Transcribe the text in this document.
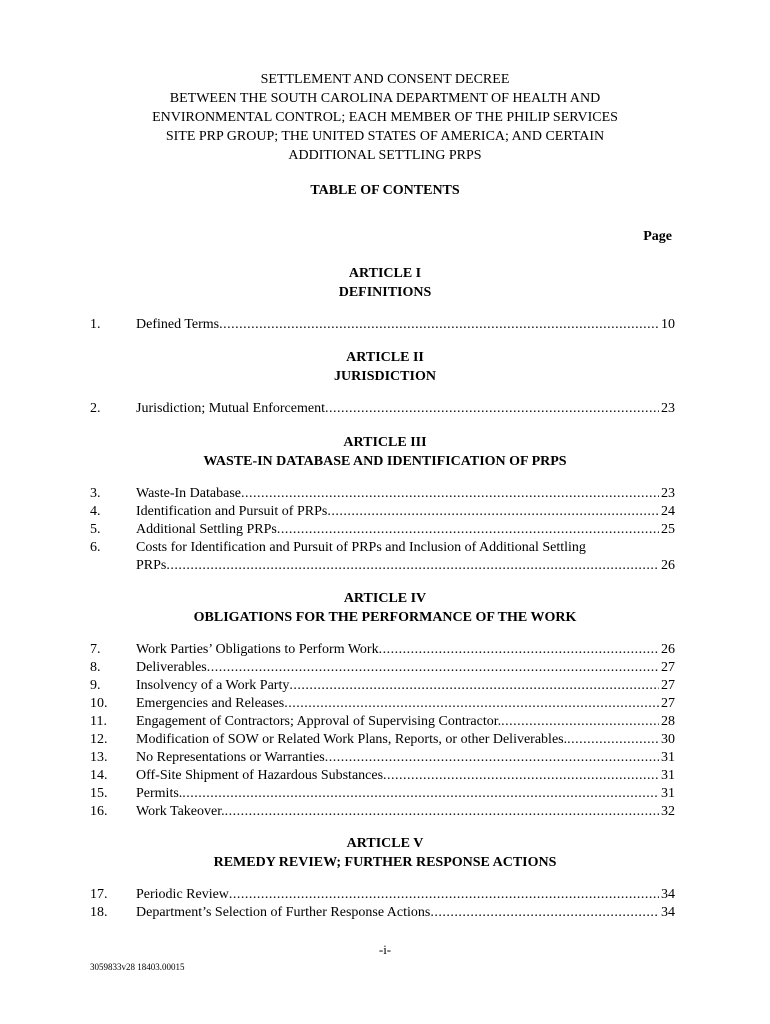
SETTLEMENT AND CONSENT DECREE
BETWEEN THE SOUTH CAROLINA DEPARTMENT OF HEALTH AND
ENVIRONMENTAL CONTROL; EACH MEMBER OF THE PHILIP SERVICES
SITE PRP GROUP; THE UNITED STATES OF AMERICA; AND CERTAIN
ADDITIONAL SETTLING PRPS
TABLE OF CONTENTS
Page
ARTICLE I
DEFINITIONS
1.	Defined Terms .....	10
ARTICLE II
JURISDICTION
2.	Jurisdiction; Mutual Enforcement .....	23
ARTICLE III
WASTE-IN DATABASE AND IDENTIFICATION OF PRPS
3.	Waste-In Database .....	23
4.	Identification and Pursuit of PRPs .....	24
5.	Additional Settling PRPs .....	25
6.	Costs for Identification and Pursuit of PRPs and Inclusion of Additional Settling
PRPs .....	26
ARTICLE IV
OBLIGATIONS FOR THE PERFORMANCE OF THE WORK
7.	Work Parties’ Obligations to Perform Work .....	26
8.	Deliverables .....	27
9.	Insolvency of a Work Party .....	27
10.	Emergencies and Releases .....	27
11.	Engagement of Contractors; Approval of Supervising Contractor. .....	28
12.	Modification of SOW or Related Work Plans, Reports, or other Deliverables. .....	30
13.	No Representations or Warranties .....	31
14.	Off-Site Shipment of Hazardous Substances .....	31
15.	Permits. .....	31
16.	Work Takeover. .....	32
ARTICLE V
REMEDY REVIEW; FURTHER RESPONSE ACTIONS
17.	Periodic Review .....	34
18.	Department’s Selection of Further Response Actions .....	34
-i-
3059833v28 18403.00015
